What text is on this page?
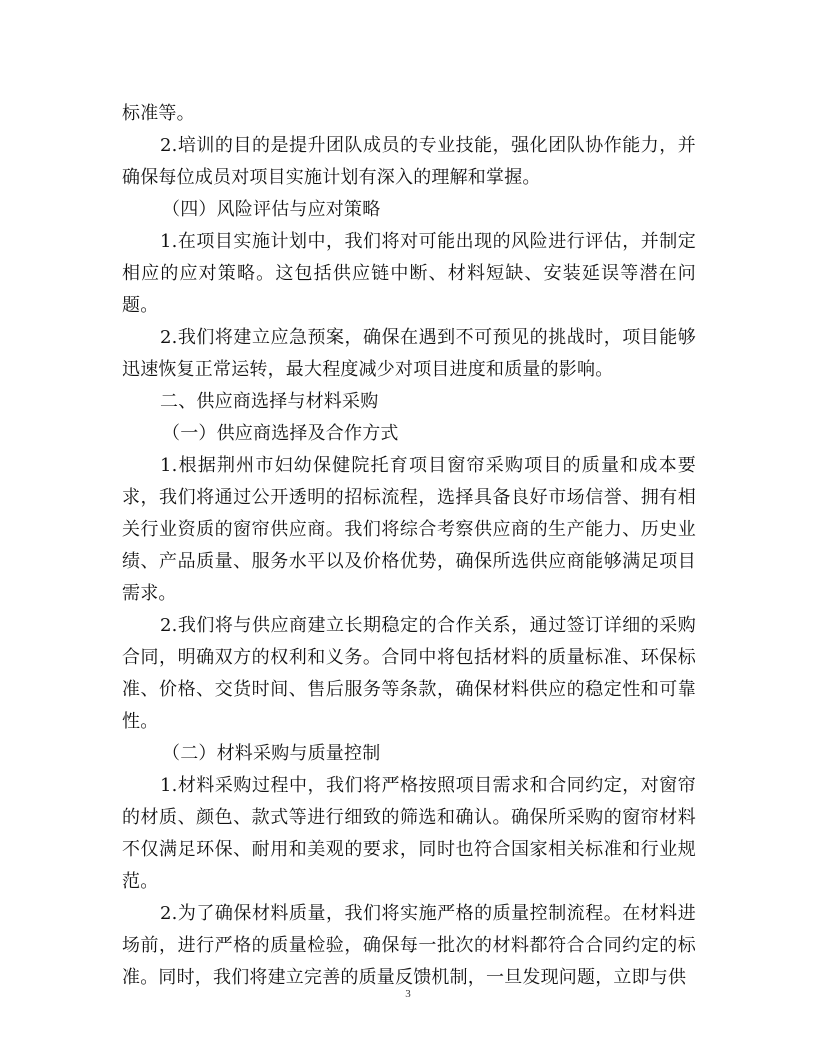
标准等。

2.培训的目的是提升团队成员的专业技能，强化团队协作能力，并确保每位成员对项目实施计划有深入的理解和掌握。

（四）风险评估与应对策略

1.在项目实施计划中，我们将对可能出现的风险进行评估，并制定相应的应对策略。这包括供应链中断、材料短缺、安装延误等潜在问题。

2.我们将建立应急预案，确保在遇到不可预见的挑战时，项目能够迅速恢复正常运转，最大程度减少对项目进度和质量的影响。

二、供应商选择与材料采购

（一）供应商选择及合作方式

1.根据荆州市妇幼保健院托育项目窗帘采购项目的质量和成本要求，我们将通过公开透明的招标流程，选择具备良好市场信誉、拥有相关行业资质的窗帘供应商。我们将综合考察供应商的生产能力、历史业绩、产品质量、服务水平以及价格优势，确保所选供应商能够满足项目需求。

2.我们将与供应商建立长期稳定的合作关系，通过签订详细的采购合同，明确双方的权利和义务。合同中将包括材料的质量标准、环保标准、价格、交货时间、售后服务等条款，确保材料供应的稳定性和可靠性。

（二）材料采购与质量控制

1.材料采购过程中，我们将严格按照项目需求和合同约定，对窗帘的材质、颜色、款式等进行细致的筛选和确认。确保所采购的窗帘材料不仅满足环保、耐用和美观的要求，同时也符合国家相关标准和行业规范。

2.为了确保材料质量，我们将实施严格的质量控制流程。在材料进场前，进行严格的质量检验，确保每一批次的材料都符合合同约定的标准。同时，我们将建立完善的质量反馈机制，一旦发现问题，立即与供

3
